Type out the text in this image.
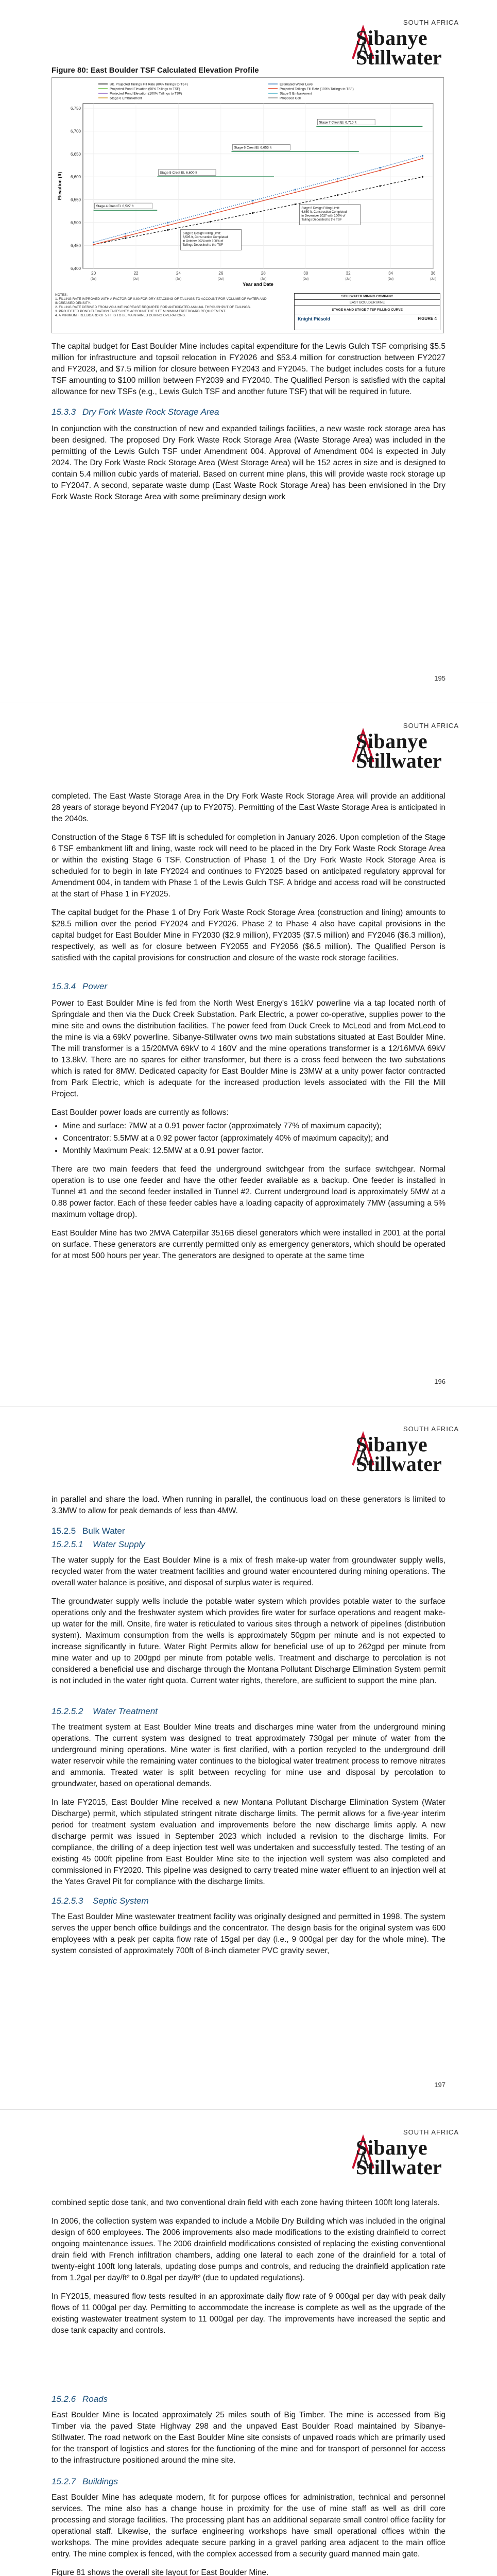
SOUTH AFRICA
Sibanye
Stillwater
Figure 80: East Boulder TSF Calculated Elevation Profile
6,400
6,450
6,500
6,550
6,600
6,650
6,700
6,750
20
(Jul)
22
(Jul)
24
(Jul)
26
(Jul)
28
(Jul)
30
(Jul)
32
(Jul)
34
(Jul)
36
(Jul)
Year and Date
Elevation (ft)
Ult. Projected Tailings Fill Rate (80% Tailings to TSF)	Estimated Water Level
Projected Pond Elevation (90% Tailings to TSF)	Projected Tailings Fill Rate (100% Tailings to TSF)
Projected Pond Elevation (100% Tailings to TSF)	Stage 5 Embankment
Stage 6 Embankment	Proposed Cell
Stage 4 Crest El. 6,527 ft
Stage 5 Crest El. 6,600 ft
Stage 6 Crest El. 6,655 ft
Stage 7 Crest El. 6,710 ft
Stage 5 Design Filling Limit: 6,595 ft, Construction Completed in October 2024 with 100% of Tailings Deposited to the TSF
Stage 6 Design Filling Limit: 6,650 ft, Construction Completed in December 2027 with 100% of Tailings Deposited to the TSF
NOTES:
1. FILLING RATE IMPROVED WITH A FACTOR OF 0.80 FOR DRY STACKING OF TAILINGS TO ACCOUNT FOR VOLUME OF WATER AND INCREASED DENSITY.
2. FILLING RATE DERIVED FROM VOLUME INCREASE REQUIRED FOR ANTICIPATED ANNUAL THROUGHPUT OF TAILINGS.
3. PROJECTED POND ELEVATION TAKES INTO ACCOUNT THE 3 FT MINIMUM FREEBOARD REQUIREMENT.
4. A MINIMUM FREEBOARD OF 5 FT IS TO BE MAINTAINED DURING OPERATIONS.
STILLWATER MINING COMPANY
EAST BOULDER MINE
STAGE 6 AND STAGE 7 TSF FILLING CURVE
Knight Piésold	FIGURE 4

The capital budget for East Boulder Mine includes capital expenditure for the Lewis Gulch TSF comprising $5.5 million for infrastructure and topsoil relocation in FY2026 and $53.4 million for construction between FY2027 and FY2028, and $7.5 million for closure between FY2043 and FY2045. The budget includes costs for a future TSF amounting to $100 million between FY2039 and FY2040. The Qualified Person is satisfied with the capital allowance for new TSFs (e.g., Lewis Gulch TSF and another future TSF) that will be required in future.

15.3.3 Dry Fork Waste Rock Storage Area

In conjunction with the construction of new and expanded tailings facilities, a new waste rock storage area has been designed. The proposed Dry Fork Waste Rock Storage Area (Waste Storage Area) was included in the permitting of the Lewis Gulch TSF under Amendment 004. Approval of Amendment 004 is expected in July 2024. The Dry Fork Waste Rock Storage Area (West Storage Area) will be 152 acres in size and is designed to contain 5.4 million cubic yards of material. Based on current mine plans, this will provide waste rock storage up to FY2047. A second, separate waste dump (East Waste Rock Storage Area) has been envisioned in the Dry Fork Waste Rock Storage Area with some preliminary design work

195
SOUTH AFRICA
Sibanye
Stillwater

completed. The East Waste Storage Area in the Dry Fork Waste Rock Storage Area will provide an additional 28 years of storage beyond FY2047 (up to FY2075). Permitting of the East Waste Storage Area is anticipated in the 2040s.

Construction of the Stage 6 TSF lift is scheduled for completion in January 2026. Upon completion of the Stage 6 TSF embankment lift and lining, waste rock will need to be placed in the Dry Fork Waste Rock Storage Area or within the existing Stage 6 TSF. Construction of Phase 1 of the Dry Fork Waste Rock Storage Area is scheduled for to begin in late FY2024 and continues to FY2025 based on anticipated regulatory approval for Amendment 004, in tandem with Phase 1 of the Lewis Gulch TSF. A bridge and access road will be constructed at the start of Phase 1 in FY2025.

The capital budget for the Phase 1 of Dry Fork Waste Rock Storage Area (construction and lining) amounts to $28.5 million over the period FY2024 and FY2026. Phase 2 to Phase 4 also have capital provisions in the capital budget for East Boulder Mine in FY2030 ($2.9 million), FY2035 ($7.5 million) and FY2046 ($6.3 million), respectively, as well as for closure between FY2055 and FY2056 ($6.5 million). The Qualified Person is satisfied with the capital provisions for construction and closure of the waste rock storage facilities.

15.3.4 Power

Power to East Boulder Mine is fed from the North West Energy's 161kV powerline via a tap located north of Springdale and then via the Duck Creek Substation. Park Electric, a power co-operative, supplies power to the mine site and owns the distribution facilities. The power feed from Duck Creek to McLeod and from McLeod to the mine is via a 69kV powerline. Sibanye-Stillwater owns two main substations situated at East Boulder Mine. The mill transformer is a 15/20MVA 69kV to 4 160V and the mine operations transformer is a 12/16MVA 69kV to 13.8kV. There are no spares for either transformer, but there is a cross feed between the two substations which is rated for 8MW. Dedicated capacity for East Boulder Mine is 23MW at a unity power factor contracted from Park Electric, which is adequate for the increased production levels associated with the Fill the Mill Project.

East Boulder power loads are currently as follows:

• Mine and surface: 7MW at a 0.91 power factor (approximately 77% of maximum capacity);
• Concentrator: 5.5MW at a 0.92 power factor (approximately 40% of maximum capacity); and
• Monthly Maximum Peak: 12.5MW at a 0.91 power factor.

There are two main feeders that feed the underground switchgear from the surface switchgear. Normal operation is to use one feeder and have the other feeder available as a backup. One feeder is installed in Tunnel #1 and the second feeder installed in Tunnel #2. Current underground load is approximately 5MW at a 0.88 power factor. Each of these feeder cables have a loading capacity of approximately 7MW (assuming a 5% maximum voltage drop).

East Boulder Mine has two 2MVA Caterpillar 3516B diesel generators which were installed in 2001 at the portal on surface. These generators are currently permitted only as emergency generators, which should be operated for at most 500 hours per year. The generators are designed to operate at the same time

196
SOUTH AFRICA
Sibanye
Stillwater

in parallel and share the load. When running in parallel, the continuous load on these generators is limited to 3.3MW to allow for peak demands of less than 4MW.

15.2.5 Bulk Water
15.2.5.1 Water Supply

The water supply for the East Boulder Mine is a mix of fresh make-up water from groundwater supply wells, recycled water from the water treatment facilities and ground water encountered during mining operations. The overall water balance is positive, and disposal of surplus water is required.

The groundwater supply wells include the potable water system which provides potable water to the surface operations only and the freshwater system which provides fire water for surface operations and reagent make-up water for the mill. Onsite, fire water is reticulated to various sites through a network of pipelines (distribution system). Maximum consumption from the wells is approximately 50gpm per minute and is not expected to increase significantly in future. Water Right Permits allow for beneficial use of up to 262gpd per minute from mine water and up to 200gpd per minute from potable wells. Treatment and discharge to percolation is not considered a beneficial use and discharge through the Montana Pollutant Discharge Elimination System permit is not included in the water right quota. Current water rights, therefore, are sufficient to support the mine plan.

15.2.5.2 Water Treatment

The treatment system at East Boulder Mine treats and discharges mine water from the underground mining operations. The current system was designed to treat approximately 730gal per minute of water from the underground mining operations. Mine water is first clarified, with a portion recycled to the underground drill water reservoir while the remaining water continues to the biological water treatment process to remove nitrates and ammonia. Treated water is split between recycling for mine use and disposal by percolation to groundwater, based on operational demands.

In late FY2015, East Boulder Mine received a new Montana Pollutant Discharge Elimination System (Water Discharge) permit, which stipulated stringent nitrate discharge limits. The permit allows for a five-year interim period for treatment system evaluation and improvements before the new discharge limits apply. A new discharge permit was issued in September 2023 which included a revision to the discharge limits. For compliance, the drilling of a deep injection test well was undertaken and successfully tested. The testing of an existing 45 000ft pipeline from East Boulder Mine site to the injection well system was also completed and commissioned in FY2020. This pipeline was designed to carry treated mine water effluent to an injection well at the Yates Gravel Pit for compliance with the discharge limits.

15.2.5.3 Septic System

The East Boulder Mine wastewater treatment facility was originally designed and permitted in 1998. The system serves the upper bench office buildings and the concentrator. The design basis for the original system was 600 employees with a peak per capita flow rate of 15gal per day (i.e., 9 000gal per day for the whole mine). The system consisted of approximately 700ft of 8-inch diameter PVC gravity sewer,

197
SOUTH AFRICA
Sibanye
Stillwater

combined septic dose tank, and two conventional drain field with each zone having thirteen 100ft long laterals.

In 2006, the collection system was expanded to include a Mobile Dry Building which was included in the original design of 600 employees. The 2006 improvements also made modifications to the existing drainfield to correct ongoing maintenance issues. The 2006 drainfield modifications consisted of replacing the existing conventional drain field with French infiltration chambers, adding one lateral to each zone of the drainfield for a total of twenty-eight 100ft long laterals, updating dose pumps and controls, and reducing the drainfield application rate from 1.2gal per day/ft² to 0.8gal per day/ft² (due to updated regulations).

In FY2015, measured flow tests resulted in an approximate daily flow rate of 9 000gal per day with peak daily flows of 11 000gal per day. Permitting to accommodate the increase is complete as well as the upgrade of the existing wastewater treatment system to 11 000gal per day. The improvements have increased the septic and dose tank capacity and controls.

15.2.6 Roads

East Boulder Mine is located approximately 25 miles south of Big Timber. The mine is accessed from Big Timber via the paved State Highway 298 and the unpaved East Boulder Road maintained by Sibanye-Stillwater. The road network on the East Boulder Mine site consists of unpaved roads which are primarily used for the transport of logistics and stores for the functioning of the mine and for transport of personnel for access to the infrastructure positioned around the mine site.

15.2.7 Buildings

East Boulder Mine has adequate modern, fit for purpose offices for administration, technical and personnel services. The mine also has a change house in proximity for the use of mine staff as well as drill core processing and storage facilities. The processing plant has an additional separate small control office facility for operational staff. Likewise, the surface engineering workshops have small operational offices within the workshops. The mine provides adequate secure parking in a gravel parking area adjacent to the main office entry. The mine complex is fenced, with the complex accessed from a security guard manned main gate.

Figure 81 shows the overall site layout for East Boulder Mine.
